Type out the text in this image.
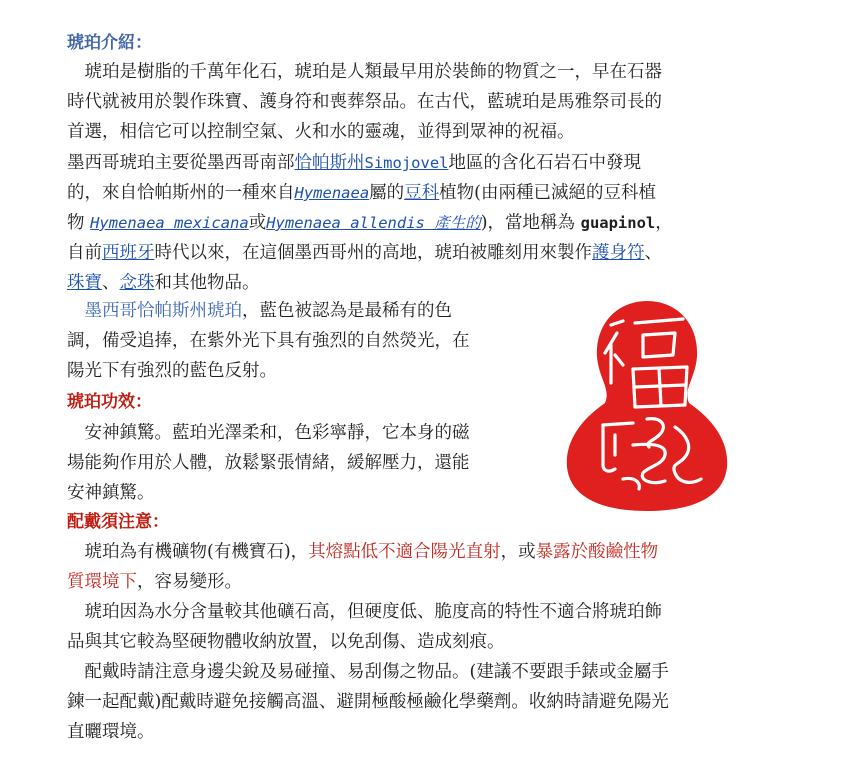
琥珀介紹：
　琥珀是樹脂的千萬年化石，琥珀是人類最早用於裝飾的物質之一，早在石器
時代就被用於製作珠寶、護身符和喪葬祭品。在古代，藍琥珀是馬雅祭司長的
首選，相信它可以控制空氣、火和水的靈魂，並得到眾神的祝福。
墨西哥琥珀主要從墨西哥南部恰帕斯州Simojovel地區的含化石岩石中發現
的，來自恰帕斯州的一種來自Hymenaea屬的豆科植物(由兩種已滅絕的豆科植
物 Hymenaea mexicana或Hymenaea allendis 產生的)，當地稱為 guapinol，
自前西班牙時代以來，在這個墨西哥州的高地，琥珀被雕刻用來製作護身符、
珠寶、念珠和其他物品。
　墨西哥恰帕斯州琥珀，藍色被認為是最稀有的色
調，備受追捧，在紫外光下具有強烈的自然熒光，在
陽光下有強烈的藍色反射。
琥珀功效：
　安神鎮驚。藍珀光澤柔和，色彩寧靜，它本身的磁
場能夠作用於人體，放鬆緊張情緒，緩解壓力，還能
安神鎮驚。
配戴須注意：
　琥珀為有機礦物(有機寶石)，其熔點低不適合陽光直射，或暴露於酸鹼性物
質環境下，容易變形。
　琥珀因為水分含量較其他礦石高，但硬度低、脆度高的特性不適合將琥珀飾
品與其它較為堅硬物體收納放置，以免刮傷、造成刻痕。
　配戴時請注意身邊尖銳及易碰撞、易刮傷之物品。(建議不要跟手錶或金屬手
鍊一起配戴)配戴時避免接觸高溫、避開極酸極鹼化學藥劑。收納時請避免陽光
直曬環境。
